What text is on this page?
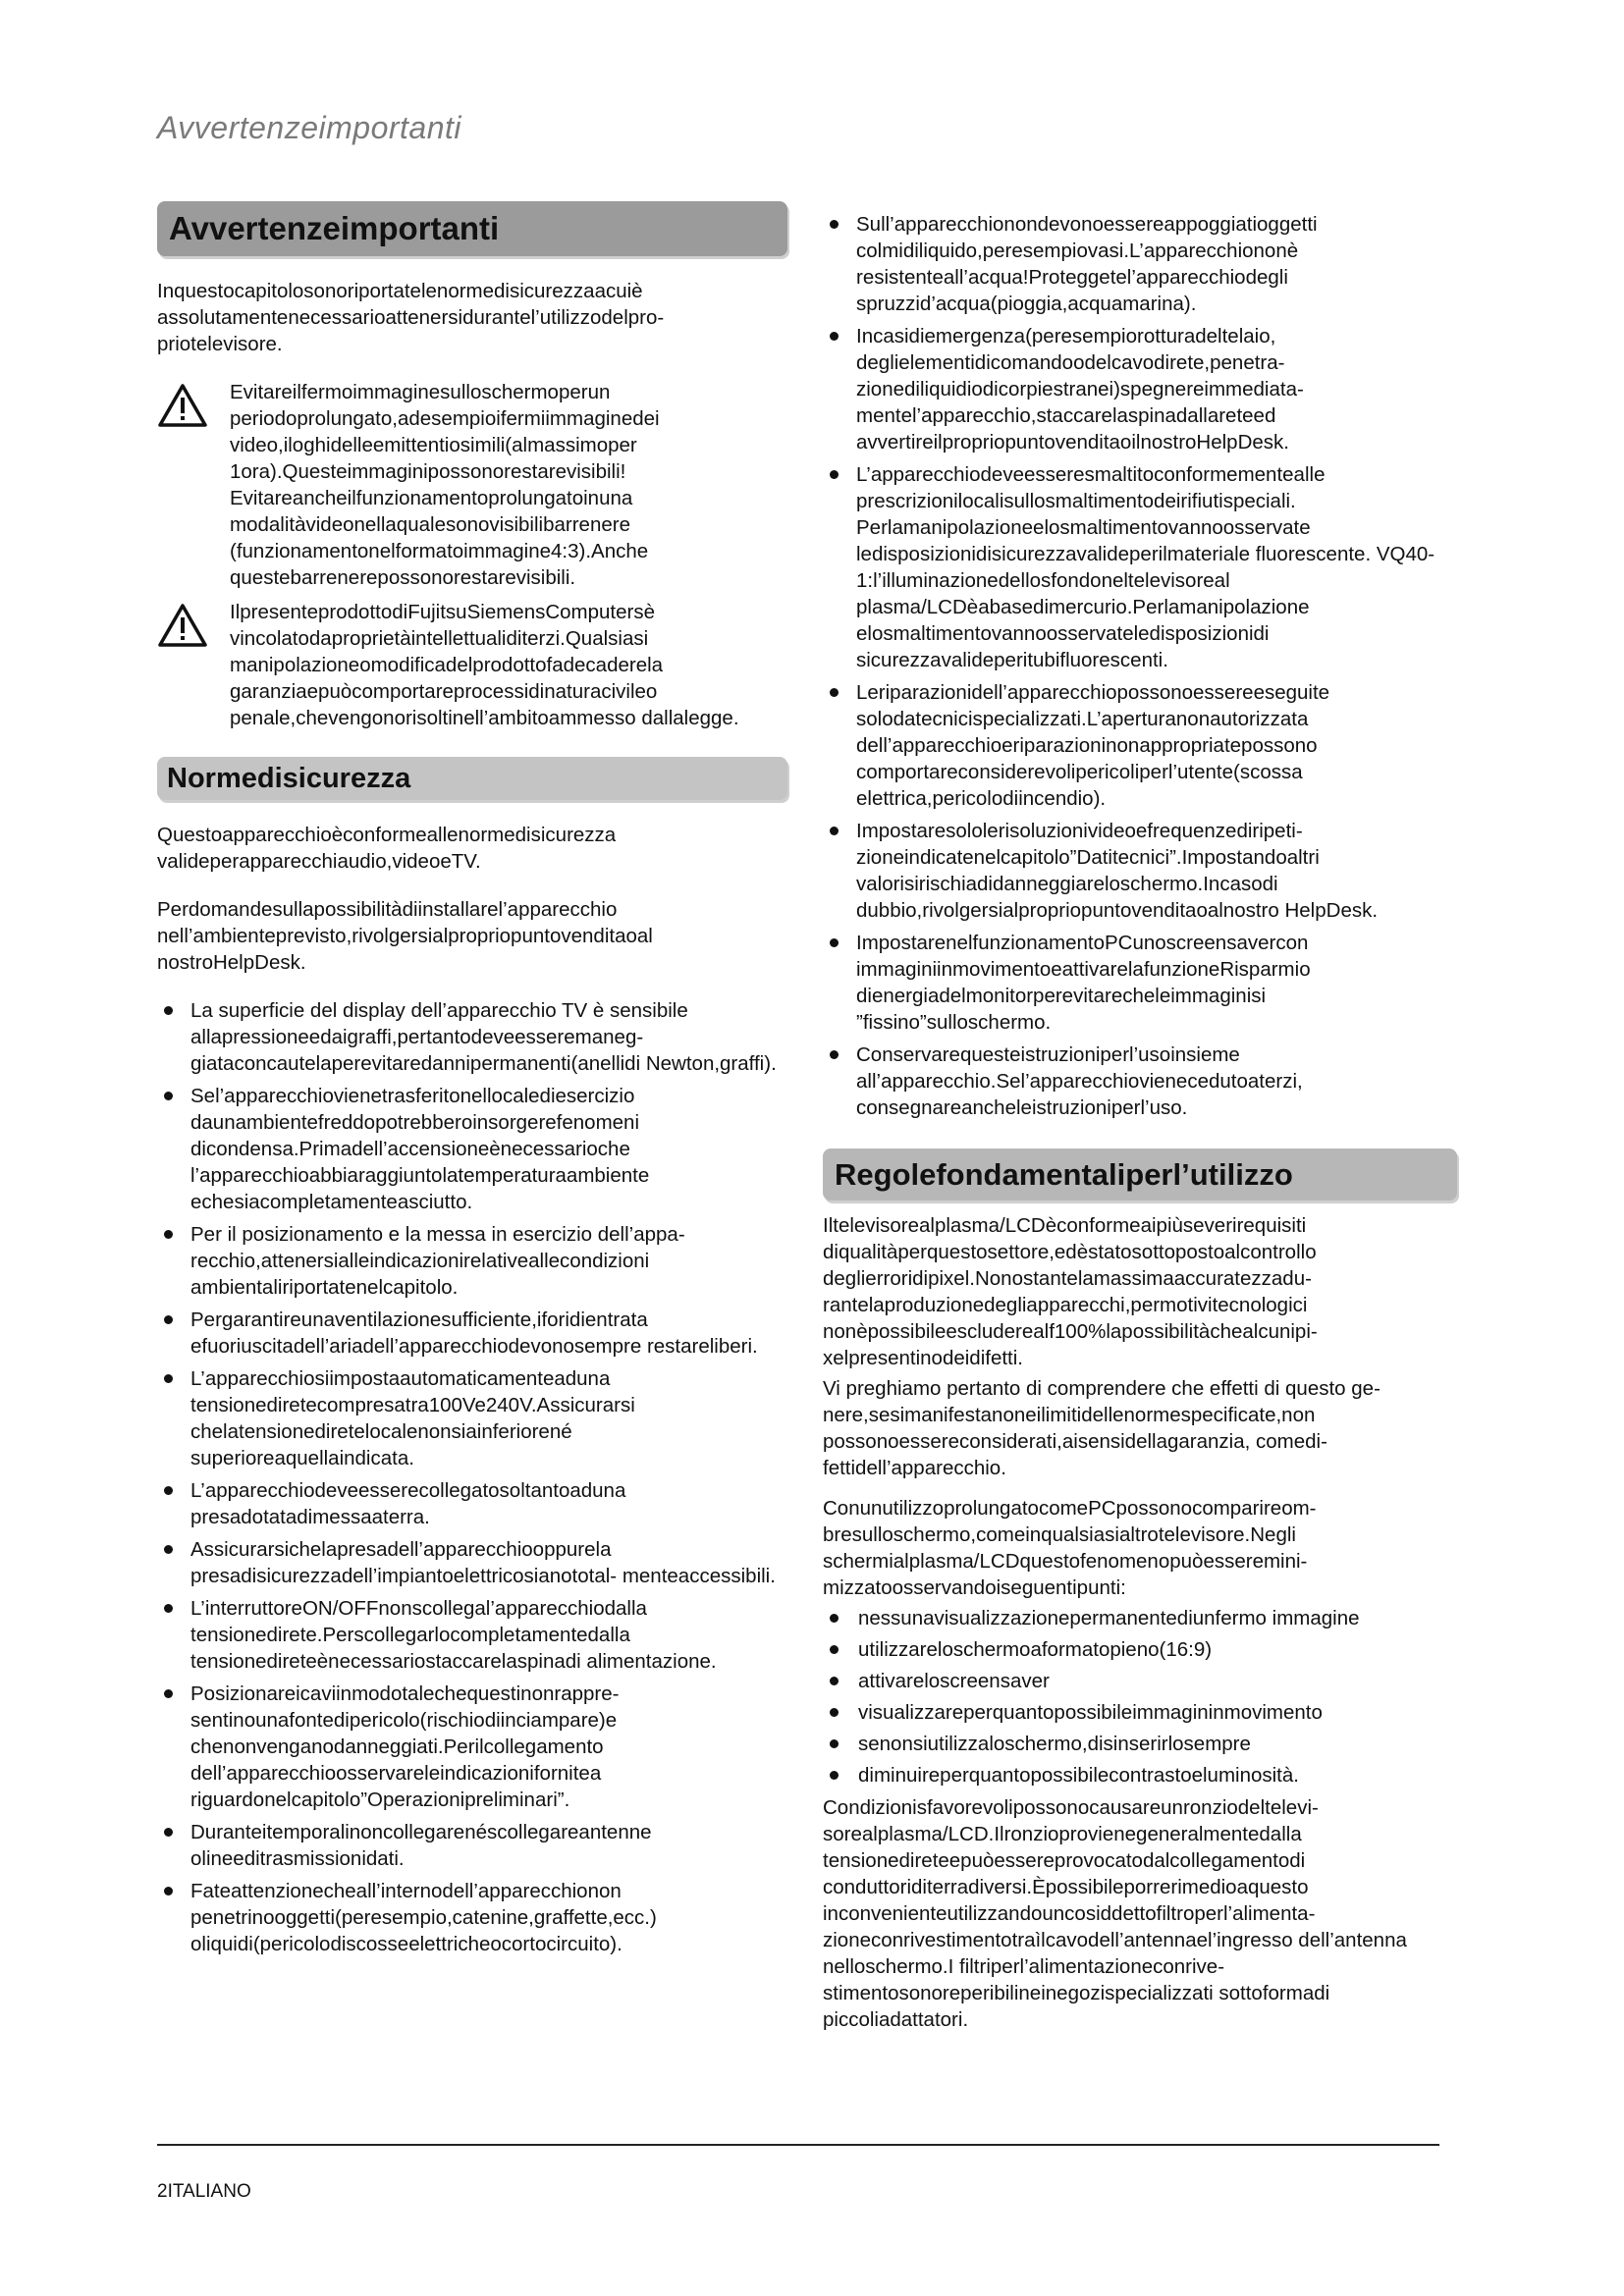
Avvertenzeimportanti
Avvertenzeimportanti

Inquestocapitolosonoriportatelenormedisicurezzaacuiè assolutamentenecessarioattenersidurantel’utilizzodelpro- priotelevisore.

Evitareilfermoimmaginesulloschermoperun periodoprolungato,adesempioifermiimmaginedei video,iloghidelleemittentiosimili(almassimoper 1ora).Questeimmaginipossonorestarevisibili! Evitareancheilfunzionamentoprolungatoinuna modalitàvideonellaqualesonovisibilibarrenere (funzionamentonelformatoimmagine4:3).Anche questebarrenerepossonorestarevisibili.

IlpresenteprodottodiFujitsuSiemensComputersè vincolatodaproprietàintellettualiditerzi.Qualsiasi manipolazioneomodificadelprodottofadecaderela garanziaepuòcomportareprocessidinaturacivileo penale,chevengonorisoltinell’ambitoammesso dallalegge.

Normedisicurezza

Questoapparecchioèconformeallenormedisicurezza valideperapparecchiaudio,videoeTV.

Perdomandesullapossibilitàdiinstallarel’apparecchio nell’ambienteprevisto,rivolgersialpropriopuntovenditaoal nostroHelpDesk.

La superficie del display dell’apparecchio TV è sensibile allapressioneedaigraffi,pertantodeveesseremaneg- giataconcautelaperevitaredannipermanenti(anellidi Newton,graffi).
Sel’apparecchiovienetrasferitonellocalediesercizio daunambientefreddopotrebberoinsorgerefenomeni dicondensa.Primadell’accensioneènecessarioche l’apparecchioabbiaraggiuntolatemperaturaambiente echesiacompletamenteasciutto.
Per il posizionamento e la messa in esercizio dell’appa- recchio,attenersialleindicazionirelativeallecondizioni ambientaliriportatenelcapitolo.
Pergarantireunaventilazionesufficiente,iforidientrata efuoriuscitadell’ariadell’apparecchiodevonosempre restareliberi.
L’apparecchiosiimpostaautomaticamenteaduna tensionediretecompresatra100Ve240V.Assicurarsi chelatensionediretelocalenonsiainferiorené superioreaquellaindicata.
L’apparecchiodeveesserecollegatosoltantoaduna presadotatadimessaaterra.
Assicurarsichelapresadell’apparecchiooppurela presadisicurezzadell’impiantoelettricosianototal- menteaccessibili.
L’interruttoreON/OFFnonscollegal’apparecchiodalla tensionedirete.Perscollegarlocompletamentedalla tensionedireteènecessariostaccarelaspinadi alimentazione.
Posizionareicaviinmodotalechequestinonrappre- sentinounafontedipericolo(rischiodiinciampare)e chenonvenganodanneggiati.Perilcollegamento dell’apparecchioosservareleindicazionifornitea riguardonelcapitolo”Operazionipreliminari”.
Duranteitemporalinoncollegarenéscollegareantenne olineeditrasmissionidati.
Fateattenzionecheall’internodell’apparecchionon penetrinooggetti(peresempio,catenine,graffette,ecc.) oliquidi(pericolodiscosseelettricheocortocircuito).
Sull’apparecchionondevonoessereappoggiatioggetti colmidiliquido,peresempiovasi.L’apparecchiononè resistenteall’acqua!Proteggetel’apparecchiodegli spruzzid’acqua(pioggia,acquamarina).
Incasidiemergenza(peresempiorotturadeltelaio, deglielementidicomandoodelcavodirete,penetra- zionediliquidiodicorpiestranei)spegnereimmediata- mentel’apparecchio,staccarelaspinadallareteed avvertireilpropriopuntovenditaoilnostroHelpDesk.
L’apparecchiodeveesseresmaltitoconformementealle prescrizionilocalisullosmaltimentodeirifiutispeciali. Perlamanipolazioneelosmaltimentovannoosservate ledisposizionidisicurezzavalideperilmateriale fluorescente. VQ40-1:l’illuminazionedellosfondoneltelevisoreal plasma/LCDèabasedimercurio.Perlamanipolazione elosmaltimentovannoosservateledisposizionidi sicurezzavalideperitubifluorescenti.
Leriparazionidell’apparecchiopossonoessereeseguite solodatecnicispecializzati.L’aperturanonautorizzata dell’apparecchioeriparazioninonappropriatepossono comportareconsiderevolipericoliperl’utente(scossa elettrica,pericolodiincendio).
Impostaresololerisoluzionivideoefrequenzediripeti- zioneindicatenelcapitolo”Datitecnici”.Impostandoaltri valorisirischiadidanneggiareloschermo.Incasodi dubbio,rivolgersialpropriopuntovenditaoalnostro HelpDesk.
ImpostarenelfunzionamentoPCunoscreensavercon immaginiinmovimentoeattivarelafunzioneRisparmio dienergiadelmonitorperevitarecheleimmaginisi ”fissino”sulloschermo.
Conservarequesteistruzioniperl’usoinsieme all’apparecchio.Sel’apparecchiovienecedutoaterzi, consegnareancheleistruzioniperl’uso.
Regolefondamentaliperl’utilizzo

Iltelevisorealplasma/LCDèconformeaipiùseverirequisiti diqualitàperquestosettore,edèstatosottopostoalcontrollo deglierroridipixel.Nonostantelamassimaaccuratezzadu- rantelaproduzionedegliapparecchi,permotivitecnologici nonèpossibileescluderealf100%lapossibilitàchealcunipi- xelpresentinodeidifetti.

Vi preghiamo pertanto di comprendere che effetti di questo ge- nere,sesimanifestanoneilimitidellenormespecificate,non possonoessereconsiderati,aisensidellagaranzia, comedi- fettidell’apparecchio.

ConunutilizzoprolungatocomePCpossonocomparireom- bresulloschermo,comeinqualsiasialtrotelevisore.Negli schermialplasma/LCDquestofenomenopuòesseremini- mizzatoosservandoiseguentipunti:

nessunavisualizzazionepermanentediunfermo immagine
utilizzareloschermoaformatopieno(16:9)
attivareloscreensaver
visualizzareperquantopossibileimmagininmovimento
senonsiutilizzaloschermo,disinserirlosempre
diminuireperquantopossibilecontrastoeluminosità.

Condizionisfavorevolipossonocausareunronziodeltelevi- sorealplasma/LCD.Ilronzioprovienegeneralmentedalla tensionedireteepuòessereprovocatodalcollegamentodi conduttoriditerradiversi.Èpossibileporrerimedioaquesto inconvenienteutilizzandouncosiddettofiltroperl’alimenta- zioneconrivestimentotraìlcavodell’antennael’ingresso dell’antenna nelloschermo.I filtriperl’alimentazioneconrive- stimentosonoreperibilineinegozispecializzati sottoformadi piccoliadattatori.

2ITALIANO
